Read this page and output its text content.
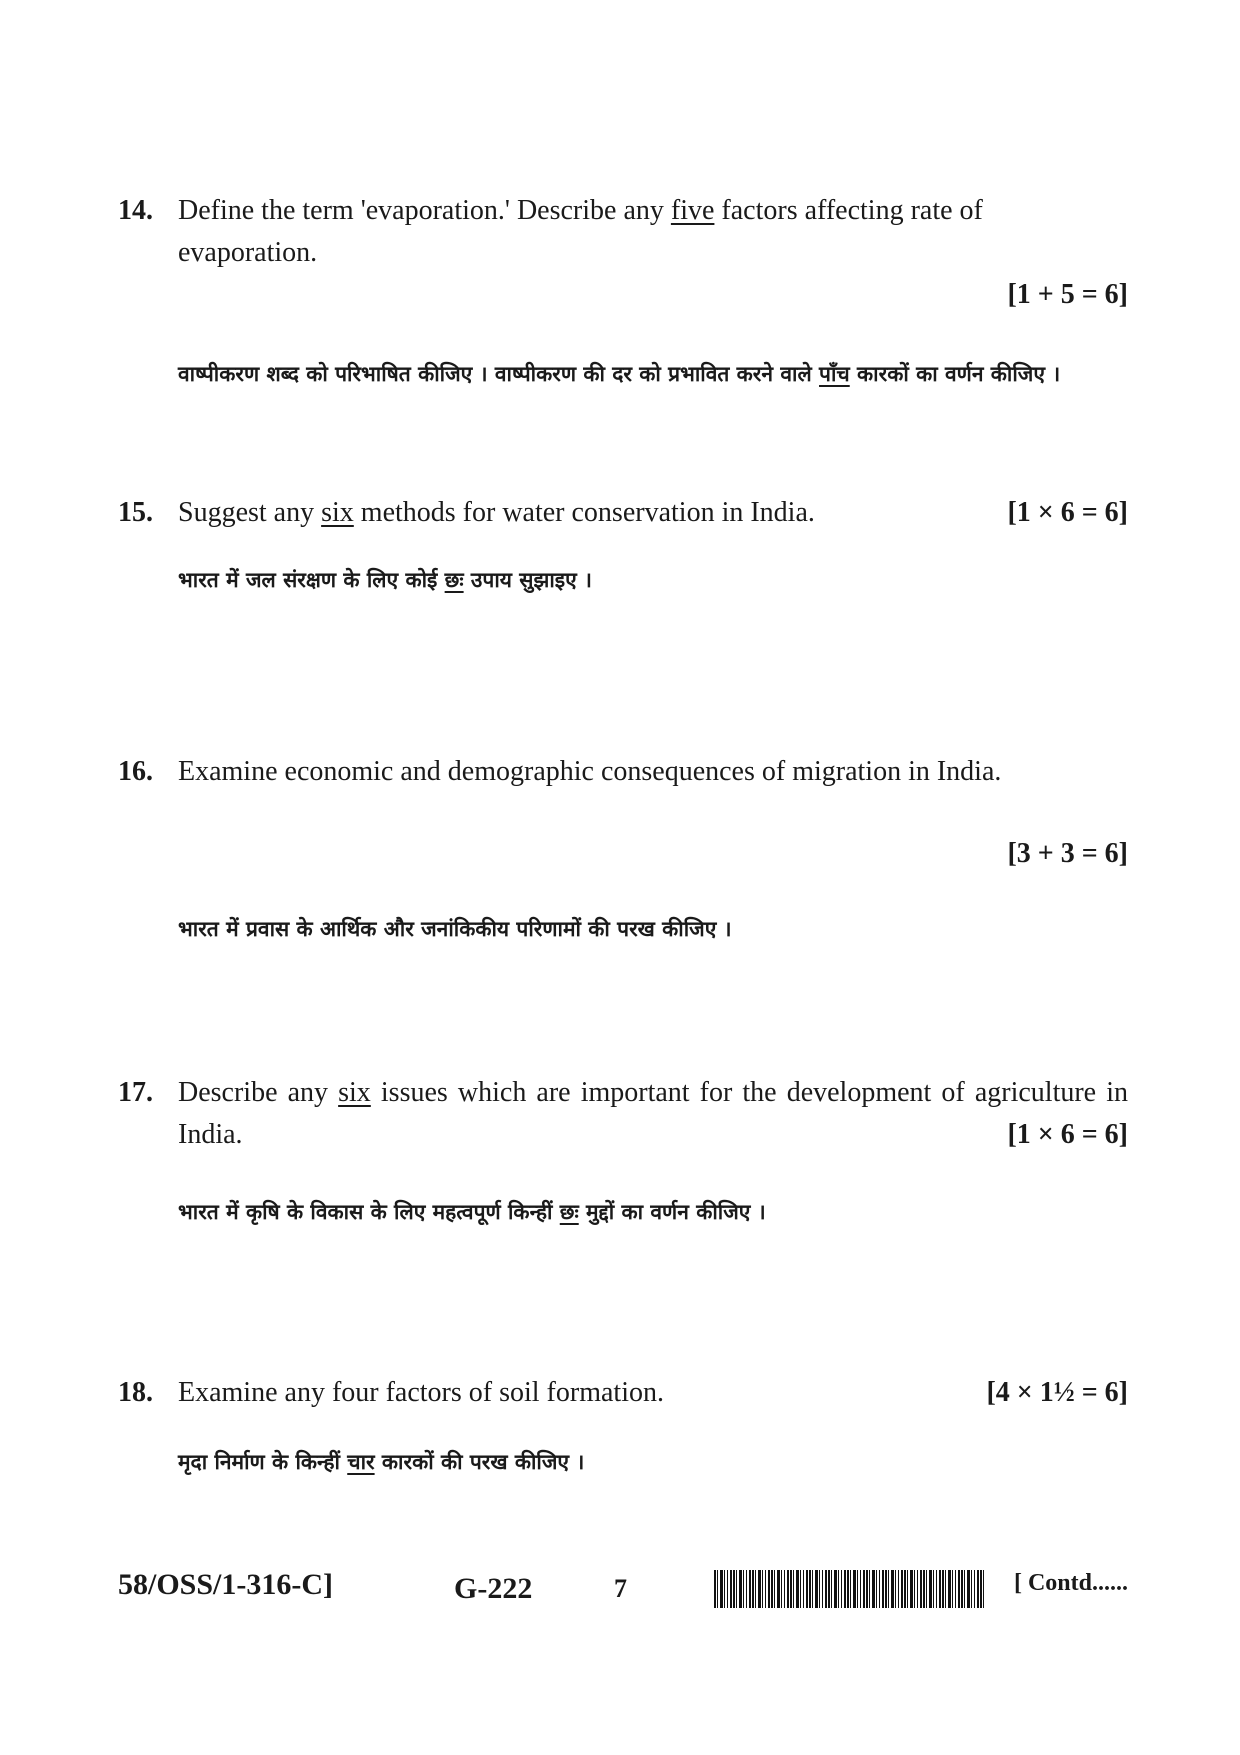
14. Define the term 'evaporation.' Describe any five factors affecting rate of evaporation.
[1 + 5 = 6]
वाष्पीकरण शब्द को परिभाषित कीजिए । वाष्पीकरण की दर को प्रभावित करने वाले पाँच कारकों का वर्णन कीजिए ।
15.	[1 × 6 = 6]
Suggest any six methods for water conservation in India.
भारत में जल संरक्षण के लिए कोई छः उपाय सुझाइए ।
16. Examine economic and demographic consequences of migration in India.
[3 + 3 = 6]
भारत में प्रवास के आर्थिक और जनांकिकीय परिणामों की परख कीजिए ।
17.
[1 × 6 = 6]
Describe any six issues which are important for the development of agriculture in India.
भारत में कृषि के विकास के लिए महत्वपूर्ण किन्हीं छः मुद्दों का वर्णन कीजिए ।
18.	[4 × 1½ = 6]
Examine any four factors of soil formation.
मृदा निर्माण के किन्हीं चार कारकों की परख कीजिए ।
58/OSS/1-316-C]	G-222	7	[ Contd......
